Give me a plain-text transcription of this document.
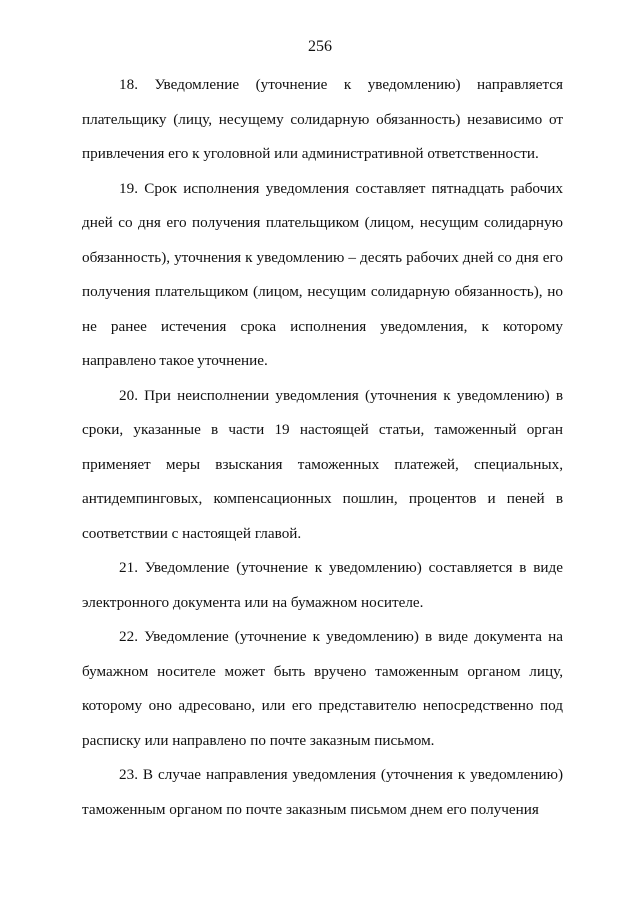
256

18. Уведомление (уточнение к уведомлению) направляется плательщику (лицу, несущему солидарную обязанность) независимо от привлечения его к уголовной или административной ответственности.

19. Срок исполнения уведомления составляет пятнадцать рабочих дней со дня его получения плательщиком (лицом, несущим солидарную обязанность), уточнения к уведомлению – десять рабочих дней со дня его получения плательщиком (лицом, несущим солидарную обязанность), но не ранее истечения срока исполнения уведомления, к которому направлено такое уточнение.

20. При неисполнении уведомления (уточнения к уведомлению) в сроки, указанные в части 19 настоящей статьи, таможенный орган применяет меры взыскания таможенных платежей, специальных, антидемпинговых, компенсационных пошлин, процентов и пеней в соответствии с настоящей главой.

21. Уведомление (уточнение к уведомлению) составляется в виде электронного документа или на бумажном носителе.

22. Уведомление (уточнение к уведомлению) в виде документа на бумажном носителе может быть вручено таможенным органом лицу, которому оно адресовано, или его представителю непосредственно под расписку или направлено по почте заказным письмом.

23. В случае направления уведомления (уточнения к уведомлению) таможенным органом по почте заказным письмом днем его получения
